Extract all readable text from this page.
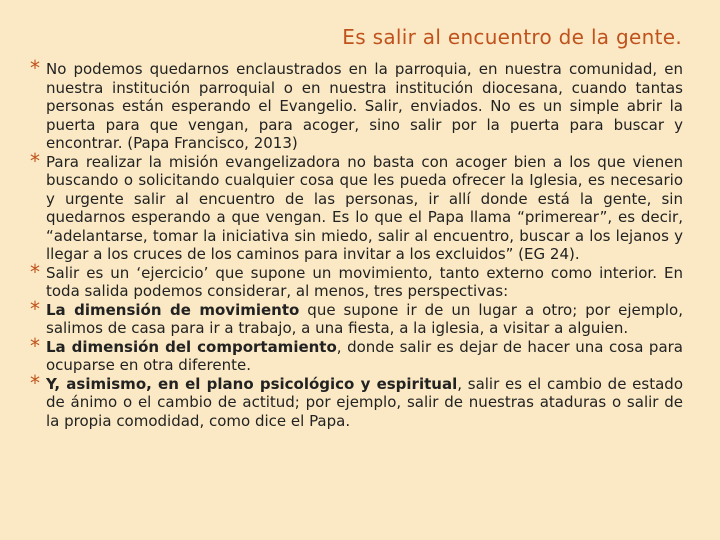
Es salir al encuentro de la gente.
* No podemos quedarnos enclaustrados en la parroquia, en nuestra comunidad, en nuestra institución parroquial o en nuestra institución diocesana, cuando tantas personas están esperando el Evangelio. Salir, enviados. No es un simple abrir la puerta para que vengan, para acoger, sino salir por la puerta para buscar y encontrar. (Papa Francisco, 2013)
* Para realizar la misión evangelizadora no basta con acoger bien a los que vienen buscando o solicitando cualquier cosa que les pueda ofrecer la Iglesia, es necesario y urgente salir al encuentro de las personas, ir allí donde está la gente, sin quedarnos esperando a que vengan. Es lo que el Papa llama “primerear”, es decir, “adelantarse, tomar la iniciativa sin miedo, salir al encuentro, buscar a los lejanos y llegar a los cruces de los caminos para invitar a los excluidos” (EG 24).
* Salir es un ‘ejercicio’ que supone un movimiento, tanto externo como interior. En toda salida podemos considerar, al menos, tres perspectivas:
* La dimensión de movimiento que supone ir de un lugar a otro; por ejemplo, salimos de casa para ir a trabajo, a una fiesta, a la iglesia, a visitar a alguien.
* La dimensión del comportamiento, donde salir es dejar de hacer una cosa para ocuparse en otra diferente.
* Y, asimismo, en el plano psicológico y espiritual, salir es el cambio de estado de ánimo o el cambio de actitud; por ejemplo, salir de nuestras ataduras o salir de la propia comodidad, como dice el Papa.
